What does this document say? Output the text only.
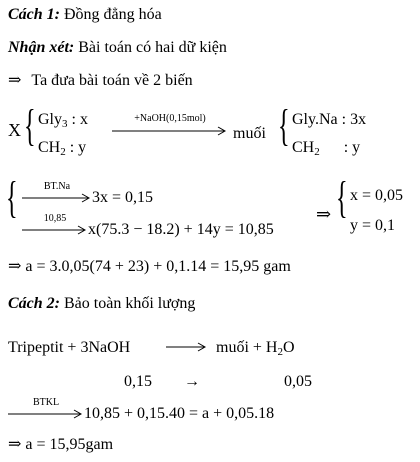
Cách 1: Đồng đẳng hóa
Nhận xét: Bài toán có hai dữ kiện
⇒ Ta đưa bài toán về 2 biến
X { Gly$_3$ : x
$CH_2$ : y
+NaOH(0,15mol)
muối { Gly.Na : 3x
$CH_2$ : y
{	BT.Na
3x = 0,15
10,85
x(75.3 − 18.2) + 14y = 10,85
⇒ { x = 0,05
y = 0,1
⇒ a = 3.0,05(74 + 23) + 0,1.14 = 15,95 gam
Cách 2: Bảo toàn khối lượng
Tripeptit + 3NaOH	muối + $H_2O$
0,15 →	0,05
BTKL
10,85 + 0,15.40 = a + 0,05.18
⇒ a = 15,95gam
